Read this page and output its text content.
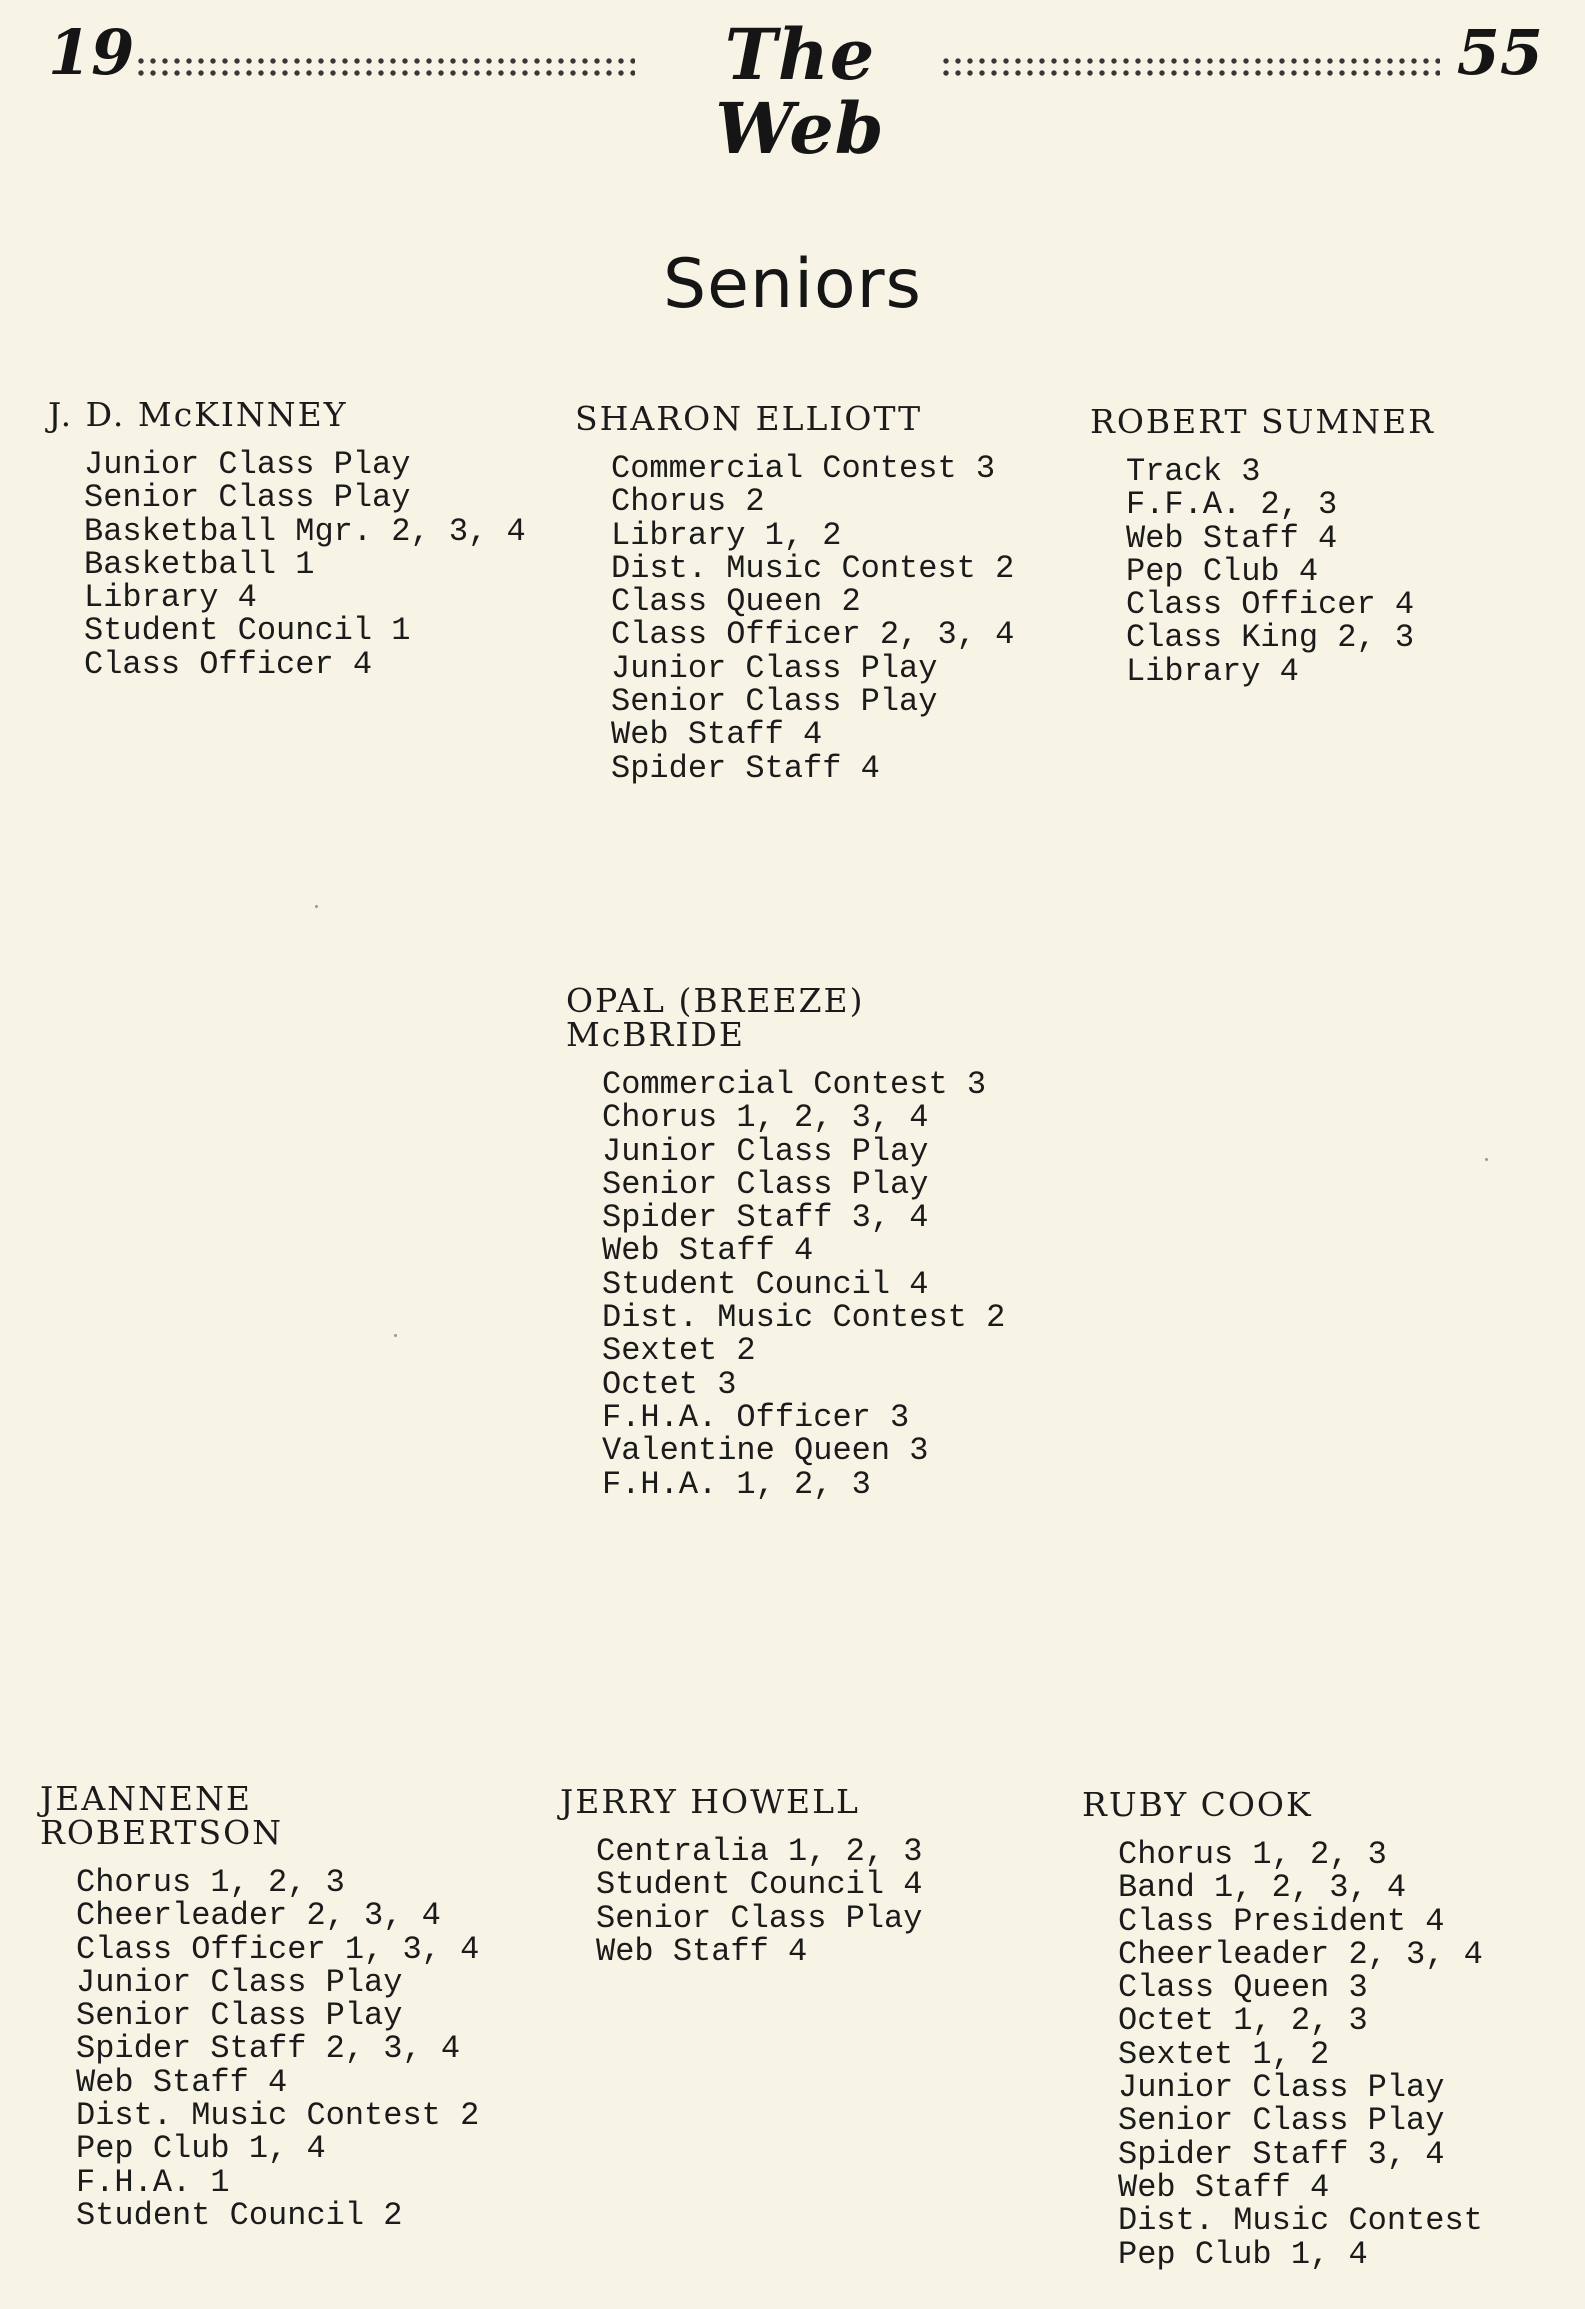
19	The Web
55
Seniors
J. D. McKINNEY
Junior Class Play
Senior Class Play
Basketball Mgr. 2, 3, 4
Basketball 1
Library 4
Student Council 1
Class Officer 4
SHARON ELLIOTT
Commercial Contest 3
Chorus 2
Library 1, 2
Dist. Music Contest 2
Class Queen 2
Class Officer 2, 3, 4
Junior Class Play
Senior Class Play
Web Staff 4
Spider Staff 4
ROBERT SUMNER
Track 3
F.F.A. 2, 3
Web Staff 4
Pep Club 4
Class Officer 4
Class King 2, 3
Library 4
OPAL (BREEZE)
McBRIDE
Commercial Contest 3
Chorus 1, 2, 3, 4
Junior Class Play
Senior Class Play
Spider Staff 3, 4
Web Staff 4
Student Council 4
Dist. Music Contest 2
Sextet 2
Octet 3
F.H.A. Officer 3
Valentine Queen 3
F.H.A. 1, 2, 3
JEANNENE
ROBERTSON
Chorus 1, 2, 3
Cheerleader 2, 3, 4
Class Officer 1, 3, 4
Junior Class Play
Senior Class Play
Spider Staff 2, 3, 4
Web Staff 4
Dist. Music Contest 2
Pep Club 1, 4
F.H.A. 1
Student Council 2
JERRY HOWELL
Centralia 1, 2, 3
Student Council 4
Senior Class Play
Web Staff 4
RUBY COOK
Chorus 1, 2, 3
Band 1, 2, 3, 4
Class President 4
Cheerleader 2, 3, 4
Class Queen 3
Octet 1, 2, 3
Sextet 1, 2
Junior Class Play
Senior Class Play
Spider Staff 3, 4
Web Staff 4
Dist. Music Contest
Pep Club 1, 4
